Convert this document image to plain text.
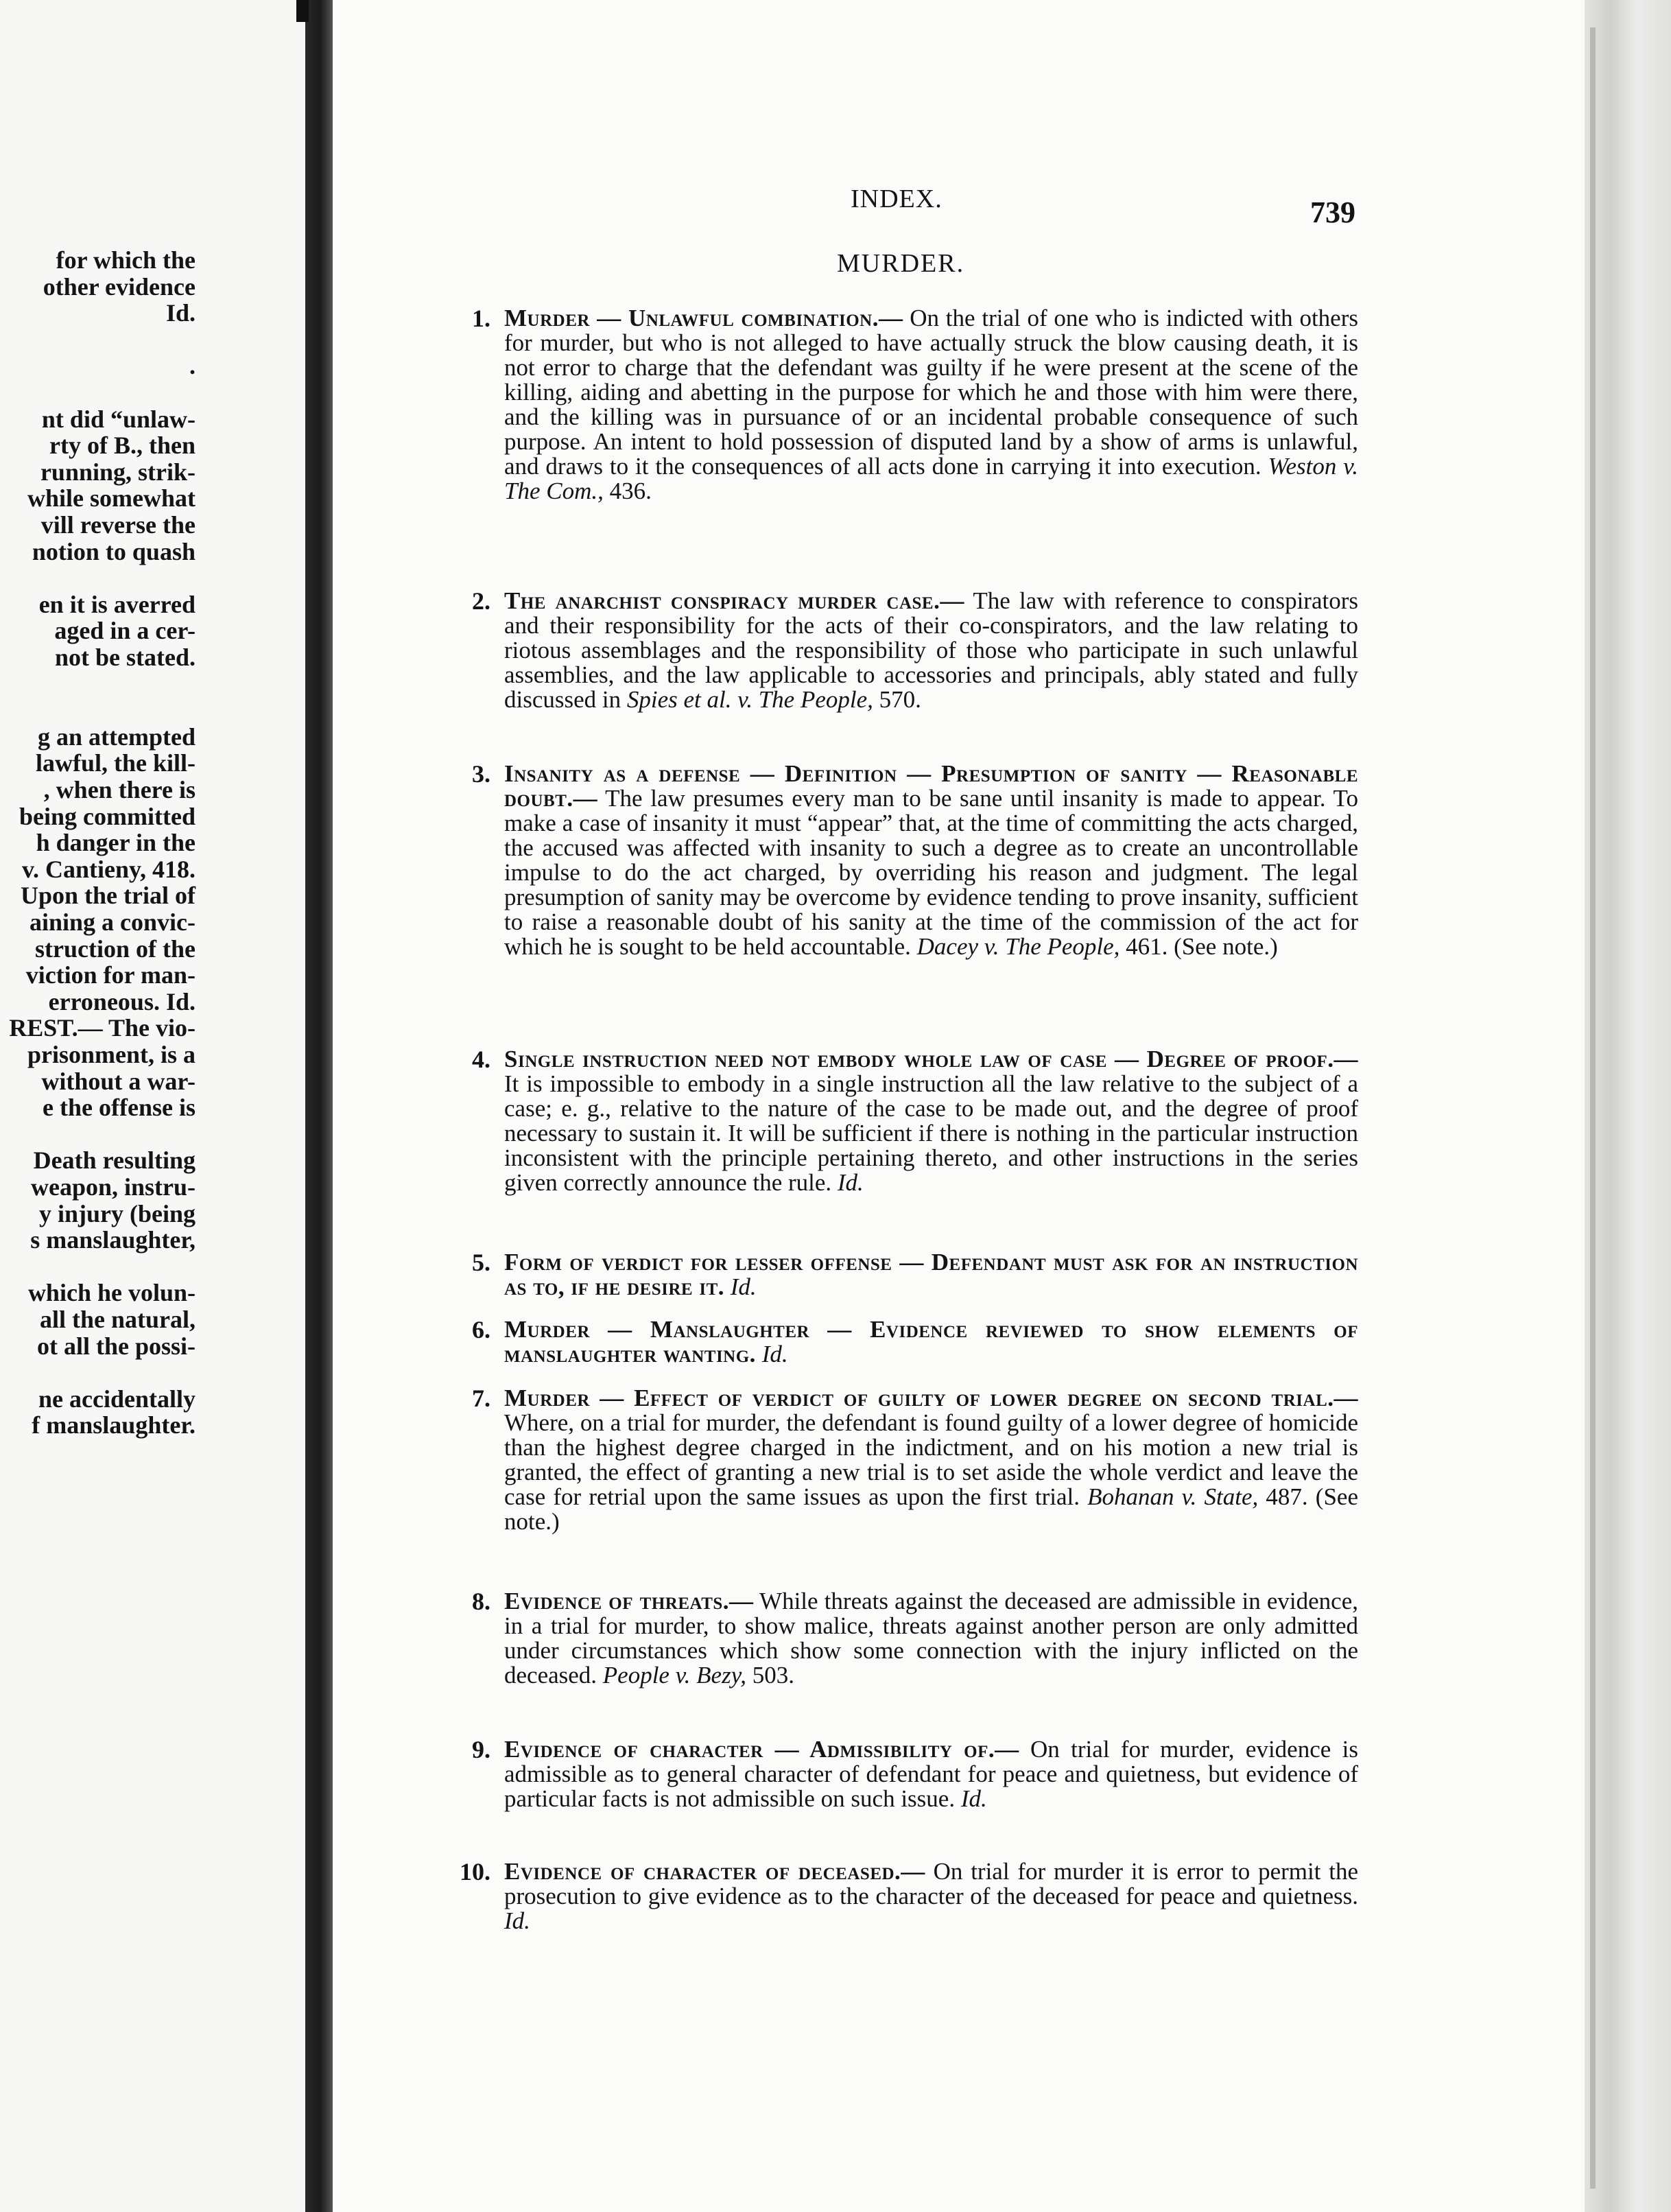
for which the
other evidence
Id.
.
nt did “unlaw-
rty of B., then
running, strik-
while somewhat
vill reverse the
notion to quash
en it is averred
aged in a cer-
not be stated.
g an attempted
lawful, the kill-
, when there is
being committed
h danger in the
v. Cantieny, 418.
Upon the trial of
aining a convic-
struction of the
viction for man-
erroneous. Id.
REST.— The vio-
prisonment, is a
without a war-
e the offense is
Death resulting
weapon, instru-
y injury (being
s manslaughter,
which he volun-
all the natural,
ot all the possi-
ne accidentally
f manslaughter.
INDEX.	739
MURDER.
1. Murder — Unlawful combination.— On the trial of one who is indicted with others for murder, but who is not alleged to have actually struck the blow causing death, it is not error to charge that the defendant was guilty if he were present at the scene of the killing, aiding and abetting in the purpose for which he and those with him were there, and the killing was in pursuance of or an incidental probable consequence of such purpose. An intent to hold possession of disputed land by a show of arms is unlawful, and draws to it the consequences of all acts done in carrying it into execution. Weston v. The Com., 436.
2. The anarchist conspiracy murder case.— The law with reference to conspirators and their responsibility for the acts of their co-conspirators, and the law relating to riotous assemblages and the responsibility of those who participate in such unlawful assemblies, and the law applicable to accessories and principals, ably stated and fully discussed in Spies et al. v. The People, 570.
3. Insanity as a defense — Definition — Presumption of sanity — Reasonable doubt.— The law presumes every man to be sane until insanity is made to appear. To make a case of insanity it must “appear” that, at the time of committing the acts charged, the accused was affected with insanity to such a degree as to create an uncontrollable impulse to do the act charged, by overriding his reason and judgment. The legal presumption of sanity may be overcome by evidence tending to prove insanity, sufficient to raise a reasonable doubt of his sanity at the time of the commission of the act for which he is sought to be held accountable. Dacey v. The People, 461. (See note.)
4. Single instruction need not embody whole law of case — Degree of proof.— It is impossible to embody in a single instruction all the law relative to the subject of a case; e. g., relative to the nature of the case to be made out, and the degree of proof necessary to sustain it. It will be sufficient if there is nothing in the particular instruction inconsistent with the principle pertaining thereto, and other instructions in the series given correctly announce the rule. Id.
5. Form of verdict for lesser offense — Defendant must ask for an instruction as to, if he desire it. Id.
6. Murder — Manslaughter — Evidence reviewed to show elements of manslaughter wanting. Id.
7. Murder — Effect of verdict of guilty of lower degree on second trial.— Where, on a trial for murder, the defendant is found guilty of a lower degree of homicide than the highest degree charged in the indictment, and on his motion a new trial is granted, the effect of granting a new trial is to set aside the whole verdict and leave the case for retrial upon the same issues as upon the first trial. Bohanan v. State, 487. (See note.)
8. Evidence of threats.— While threats against the deceased are admissible in evidence, in a trial for murder, to show malice, threats against another person are only admitted under circumstances which show some connection with the injury inflicted on the deceased. People v. Bezy, 503.
9. Evidence of character — Admissibility of.— On trial for murder, evidence is admissible as to general character of defendant for peace and quietness, but evidence of particular facts is not admissible on such issue. Id.
10. Evidence of character of deceased.— On trial for murder it is error to permit the prosecution to give evidence as to the character of the deceased for peace and quietness. Id.
